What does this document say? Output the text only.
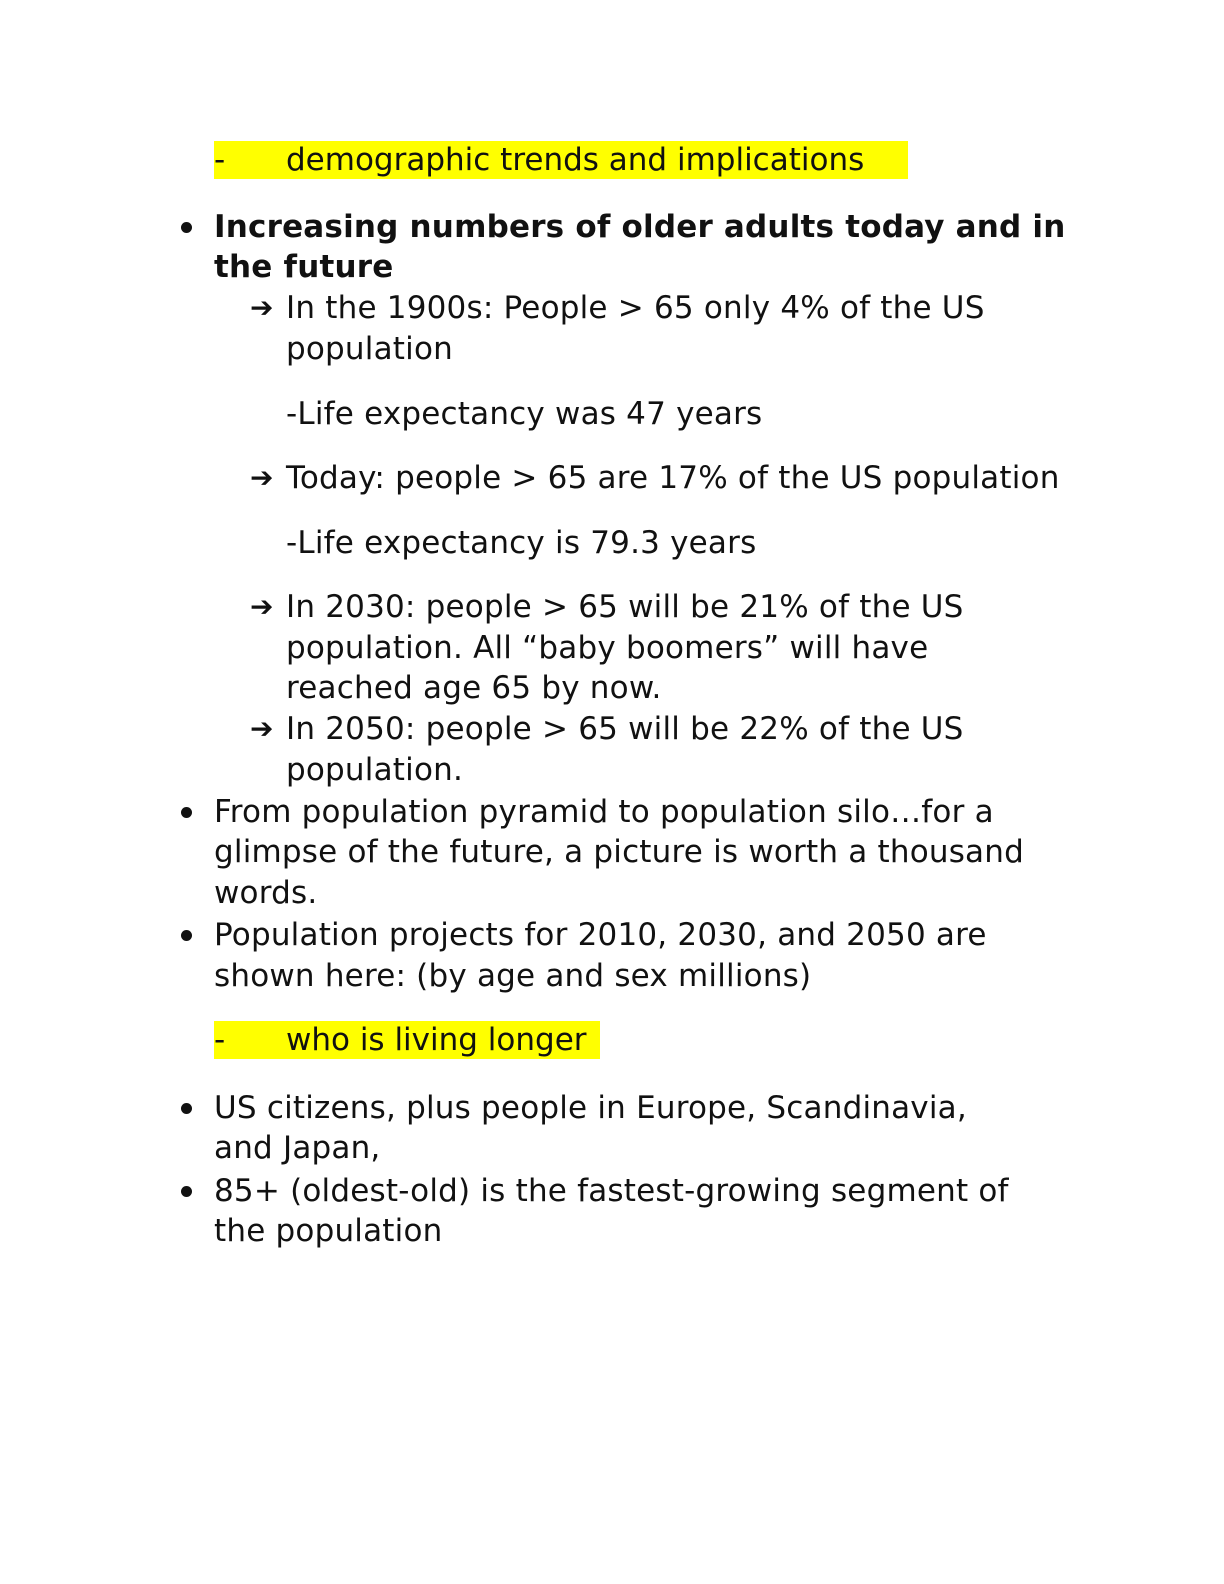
- demographic trends and implications
Increasing numbers of older adults today and in
the future
➔ In the 1900s: People > 65 only 4% of the US
population
-Life expectancy was 47 years
➔ Today: people > 65 are 17% of the US population
-Life expectancy is 79.3 years
➔ In 2030: people > 65 will be 21% of the US
population. All “baby boomers” will have
reached age 65 by now.
➔ In 2050: people > 65 will be 22% of the US
population.
From population pyramid to population silo…for a
glimpse of the future, a picture is worth a thousand
words.
Population projects for 2010, 2030, and 2050 are
shown here: (by age and sex millions)
- who is living longer
US citizens, plus people in Europe, Scandinavia,
and Japan,
85+ (oldest-old) is the fastest-growing segment of
the population
